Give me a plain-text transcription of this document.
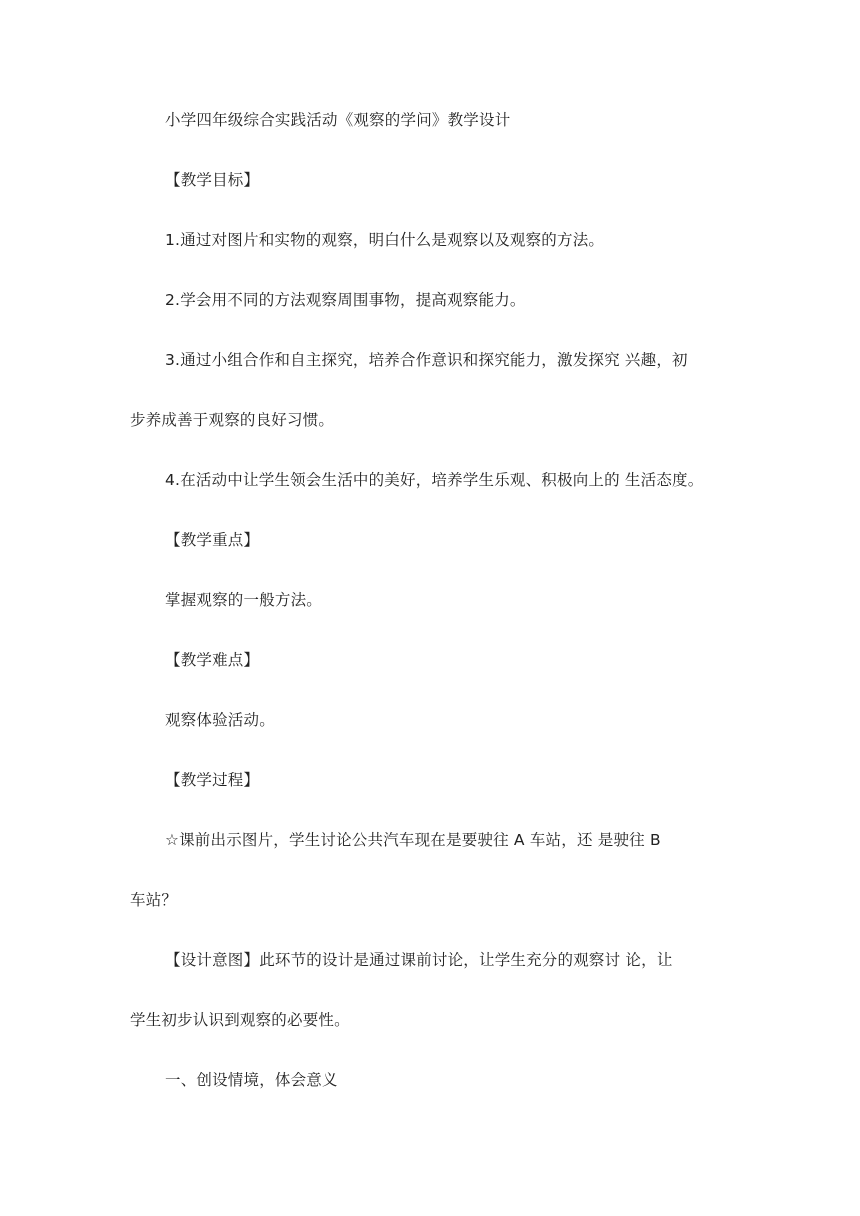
小学四年级综合实践活动《观察的学问》教学设计
【教学目标】
1.通过对图片和实物的观察，明白什么是观察以及观察的方法。
2.学会用不同的方法观察周围事物，提高观察能力。
3.通过小组合作和自主探究，培养合作意识和探究能力，激发探究 兴趣，初
步养成善于观察的良好习惯。
4.在活动中让学生领会生活中的美好，培养学生乐观、积极向上的 生活态度。
【教学重点】
掌握观察的一般方法。
【教学难点】
观察体验活动。
【教学过程】
☆课前出示图片，学生讨论公共汽车现在是要驶往 A 车站，还 是驶往 B
车站？
【设计意图】此环节的设计是通过课前讨论，让学生充分的观察讨 论，让
学生初步认识到观察的必要性。
一、创设情境，体会意义
